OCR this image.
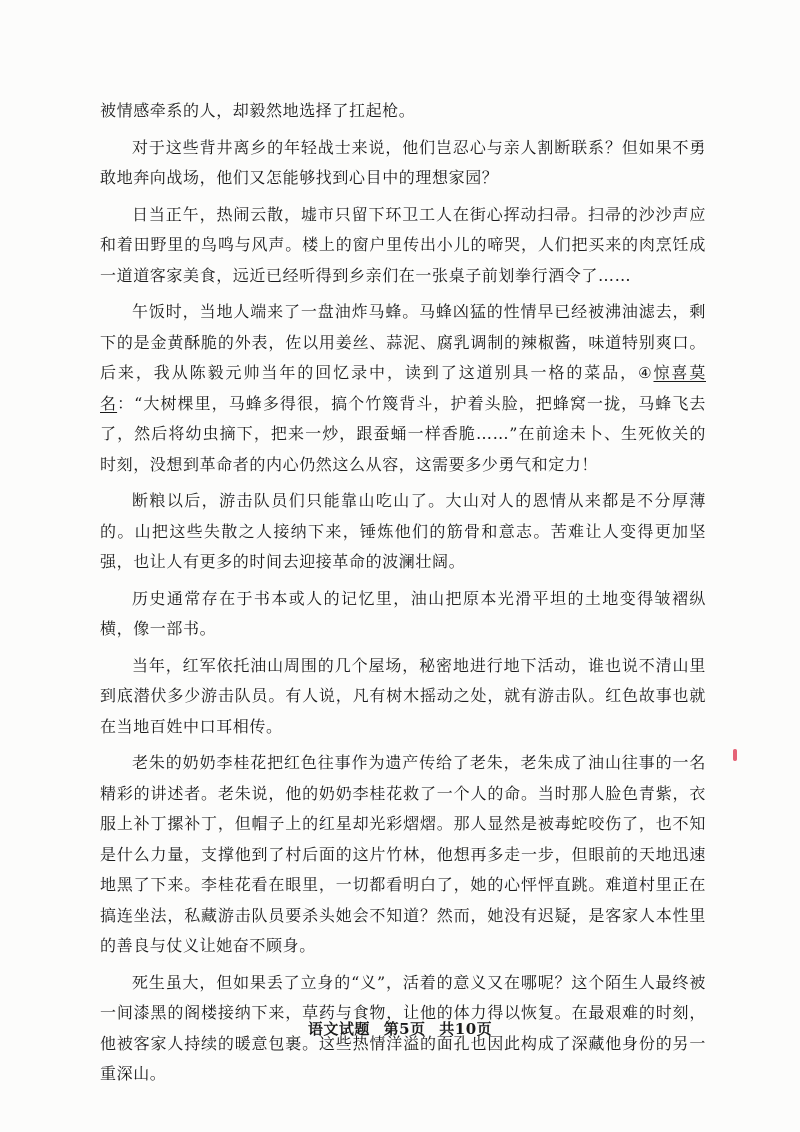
被情感牵系的人，却毅然地选择了扛起枪。

对于这些背井离乡的年轻战士来说，他们岂忍心与亲人割断联系？但如果不勇敢地奔向战场，他们又怎能够找到心目中的理想家园？

日当正午，热闹云散，墟市只留下环卫工人在街心挥动扫帚。扫帚的沙沙声应和着田野里的鸟鸣与风声。楼上的窗户里传出小儿的啼哭，人们把买来的肉烹饪成一道道客家美食，远近已经听得到乡亲们在一张桌子前划拳行酒令了……

午饭时，当地人端来了一盘油炸马蜂。马蜂凶猛的性情早已经被沸油滤去，剩下的是金黄酥脆的外表，佐以用姜丝、蒜泥、腐乳调制的辣椒酱，味道特别爽口。后来，我从陈毅元帅当年的回忆录中，读到了这道别具一格的菜品，④惊喜莫名：“大树棵里，马蜂多得很，搞个竹篾背斗，护着头脸，把蜂窝一拢，马蜂飞去了，然后将幼虫摘下，把来一炒，跟蚕蛹一样香脆……”在前途未卜、生死攸关的时刻，没想到革命者的内心仍然这么从容，这需要多少勇气和定力！

断粮以后，游击队员们只能靠山吃山了。大山对人的恩情从来都是不分厚薄的。山把这些失散之人接纳下来，锤炼他们的筋骨和意志。苦难让人变得更加坚强，也让人有更多的时间去迎接革命的波澜壮阔。

历史通常存在于书本或人的记忆里，油山把原本光滑平坦的土地变得皱褶纵横，像一部书。

当年，红军依托油山周围的几个屋场，秘密地进行地下活动，谁也说不清山里到底潜伏多少游击队员。有人说，凡有树木摇动之处，就有游击队。红色故事也就在当地百姓中口耳相传。

老朱的奶奶李桂花把红色往事作为遗产传给了老朱，老朱成了油山往事的一名精彩的讲述者。老朱说，他的奶奶李桂花救了一个人的命。当时那人脸色青紫，衣服上补丁摞补丁，但帽子上的红星却光彩熠熠。那人显然是被毒蛇咬伤了，也不知是什么力量，支撑他到了村后面的这片竹林，他想再多走一步，但眼前的天地迅速地黑了下来。李桂花看在眼里，一切都看明白了，她的心怦怦直跳。难道村里正在搞连坐法，私藏游击队员要杀头她会不知道？然而，她没有迟疑，是客家人本性里的善良与仗义让她奋不顾身。

死生虽大，但如果丢了立身的“义”，活着的意义又在哪呢？这个陌生人最终被一间漆黑的阁楼接纳下来，草药与食物，让他的体力得以恢复。在最艰难的时刻，他被客家人持续的暖意包裹。这些热情洋溢的面孔也因此构成了深藏他身份的另一重深山。

语文试题 第5页 共10页
